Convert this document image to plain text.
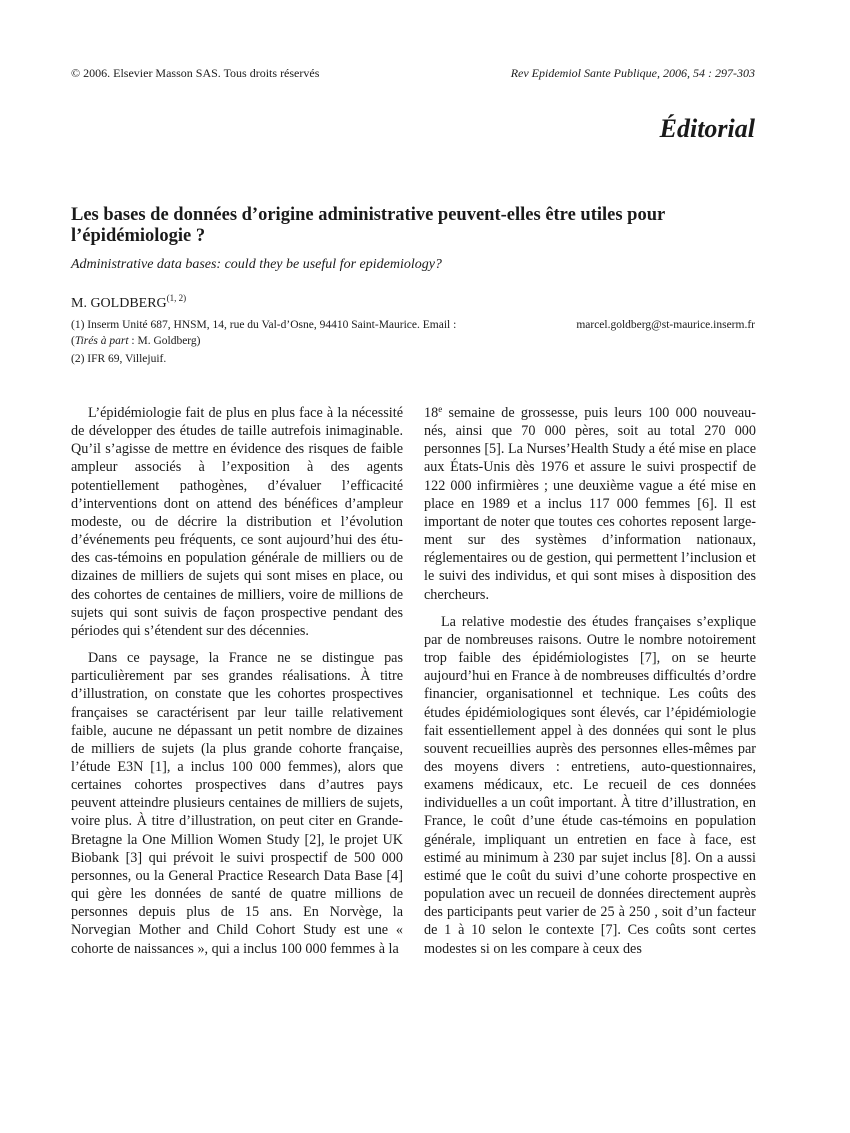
© 2006. Elsevier Masson SAS. Tous droits réservés	Rev Epidemiol Sante Publique, 2006, 54 : 297-303
Éditorial
Les bases de données d’origine administrative peuvent-elles être utiles pour l’épidémiologie ?
Administrative data bases: could they be useful for epidemiology?
M. GOLDBERG$^{(1, 2)}$
(1) Inserm Unité 687, HNSM, 14, rue du Val-d’Osne, 94410 Saint-Maurice. Email :	marcel.goldberg@st-maurice.inserm.fr
(Tirés à part : M. Goldberg)
(2) IFR 69, Villejuif.

L’épidémiologie fait de plus en plus face à la nécessité de développer des études de taille autrefois inimaginable. Qu’il s’agisse de mettre en évidence des risques de faible ampleur associés à l’exposition à des agents potentiellement pathogènes, d’évaluer l’efficacité d’interventions dont on attend des bénéfices d’ampleur modeste, ou de décrire la distribution et l’évolution d’événements peu fréquents, ce sont aujourd’hui des études cas-témoins en population générale de milliers ou de dizaines de milliers de sujets qui sont mises en place, ou des cohortes de centaines de milliers, voire de millions de sujets qui sont suivis de façon prospective pendant des périodes qui s’étendent sur des décennies.

Dans ce paysage, la France ne se distingue pas particulièrement par ses grandes réalisations. À titre d’illustration, on constate que les cohortes prospectives françaises se caractérisent par leur taille relativement faible, aucune ne dépassant un petit nombre de dizaines de milliers de sujets (la plus grande cohorte française, l’étude E3N [1], a inclus 100 000 femmes), alors que certaines cohortes prospectives dans d’autres pays peuvent atteindre plusieurs centaines de milliers de sujets, voire plus. À titre d’illustration, on peut citer en Grande-Bretagne la One Million Women Study [2], le projet UK Biobank [3] qui prévoit le suivi prospectif de 500 000 personnes, ou la General Practice Research Data Base [4] qui gère les données de santé de quatre millions de personnes depuis plus de 15 ans. En Norvège, la Norvegian Mother and Child Cohort Study est une « cohorte de naissances », qui a inclus 100 000 femmes à la

18e semaine de grossesse, puis leurs 100 000 nouveau-nés, ainsi que 70 000 pères, soit au total 270 000 personnes [5]. La Nurses’Health Study a été mise en place aux États-Unis dès 1976 et assure le suivi prospectif de 122 000 infirmières ; une deuxième vague a été mise en place en 1989 et a inclus 117 000 femmes [6]. Il est important de noter que toutes ces cohortes reposent largement sur des systèmes d’information nationaux, réglementaires ou de gestion, qui permettent l’inclusion et le suivi des individus, et qui sont mises à disposition des chercheurs.

La relative modestie des études françaises s’explique par de nombreuses raisons. Outre le nombre notoirement trop faible des épidémiologistes [7], on se heurte aujourd’hui en France à de nombreuses difficultés d’ordre financier, organisationnel et technique. Les coûts des études épidémiologiques sont élevés, car l’épidémiologie fait essentiellement appel à des données qui sont le plus souvent recueillies auprès des personnes elles-mêmes par des moyens divers : entretiens, auto-questionnaires, examens médicaux, etc. Le recueil de ces données individuelles a un coût important. À titre d’illustration, en France, le coût d’une étude cas-témoins en population générale, impliquant un entretien en face à face, est estimé au minimum à 230 par sujet inclus [8]. On a aussi estimé que le coût du suivi d’une cohorte prospective en population avec un recueil de données directement auprès des participants peut varier de 25 à 250 , soit d’un facteur de 1 à 10 selon le contexte [7]. Ces coûts sont certes modestes si on les compare à ceux des
